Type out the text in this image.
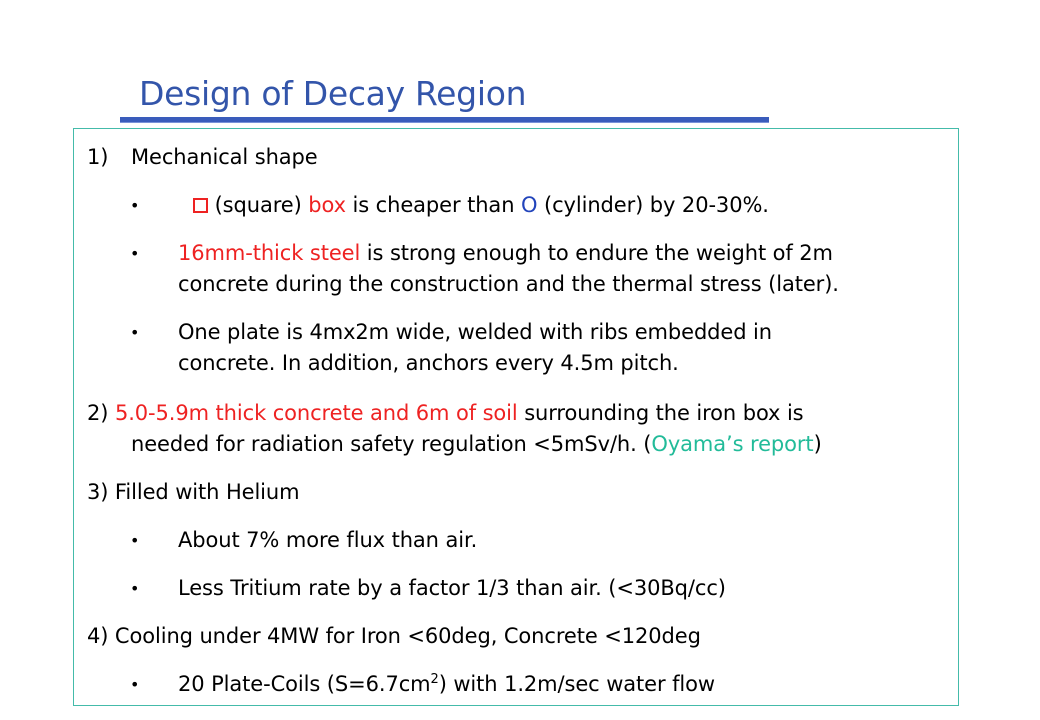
Design of Decay Region
1) Mechanical shape
•	(square) box is cheaper than O (cylinder) by 20-30%.
• 16mm-thick steel is strong enough to endure the weight of 2m
concrete during the construction and the thermal stress (later).
• One plate is 4mx2m wide, welded with ribs embedded in
concrete. In addition, anchors every 4.5m pitch.
2) 5.0-5.9m thick concrete and 6m of soil surrounding the iron box is
needed for radiation safety regulation <5mSv/h. (Oyama’s report)
3) Filled with Helium
• About 7% more flux than air.
• Less Tritium rate by a factor 1/3 than air. (<30Bq/cc)
4) Cooling under 4MW for Iron <60deg, Concrete <120deg
• 20 Plate-Coils $(S=6.7cm^2)$ with 1.2m/sec water flow
